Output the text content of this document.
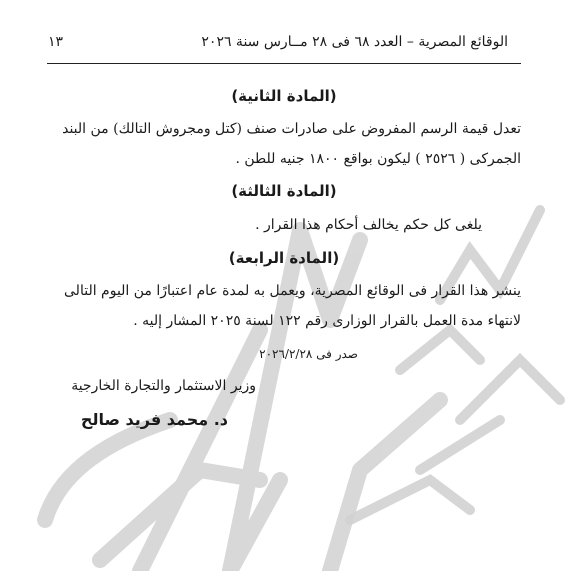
الوقائع المصرية – العدد ٦٨ فى ٢٨ مــارس سنة ٢٠٢٦
١٣
(المادة الثانية)
تعدل قيمة الرسم المفروض على صادرات صنف (كتل ومجروش التالك) من البند
الجمركى ( ٢٥٢٦ ) ليكون بواقع ١٨٠٠ جنيه للطن .
(المادة الثالثة)
يلغى كل حكم يخالف أحكام هذا القرار .
(المادة الرابعة)
ينشر هذا القرار فى الوقائع المصرية، ويعمل به لمدة عام اعتبارًا من اليوم التالى
لانتهاء مدة العمل بالقرار الوزارى رقم ١٢٢ لسنة ٢٠٢٥ المشار إليه .
صدر فى ٢٠٢٦/٢/٢٨
وزير الاستثمار والتجارة الخارجية
د. محمد فريد صالح
